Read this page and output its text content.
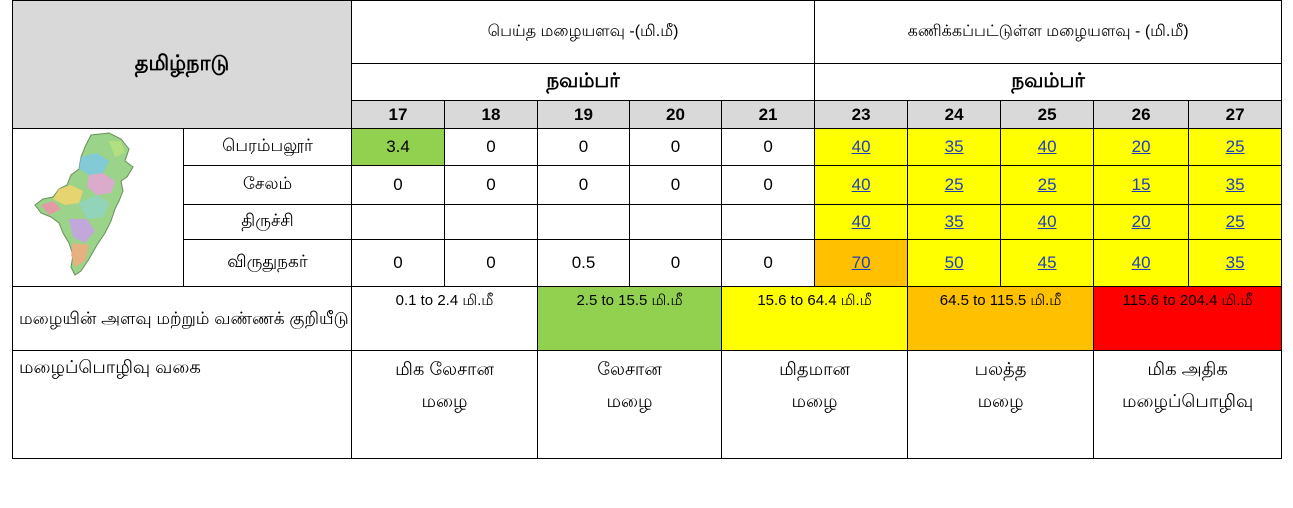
தமிழ்நாடு		பெய்த மழையளவு -(மி.மீ)					கணிக்கப்பட்டுள்ள மழையளவு - (மி.மீ)				
		நவம்பர்					நவம்பர்				
		17	18	19	20	21	23	24	25	26	27
	பெரம்பலூர்	3.4	0	0	0	0	40	35	40	20	25
	சேலம்	0	0	0	0	0	40	25	25	15	35
	திருச்சி						40	35	40	20	25
	விருதுநகர்	0	0	0.5	0	0	70	50	45	40	35
மழையின் அளவு மற்றும் வண்ணக் குறியீடு		0.1 to 2.4 மி.மீ		2.5 to 15.5 மி.மீ		15.6 to 64.4 மி.மீ		64.5 to 115.5 மி.மீ		115.6 to 204.4 மி.மீ	
மழைப்பொழிவு வகை		மிக லேசான மழை		லேசான மழை		மிதமான மழை		பலத்த மழை		மிக அதிக மழைப்பொழிவு	
